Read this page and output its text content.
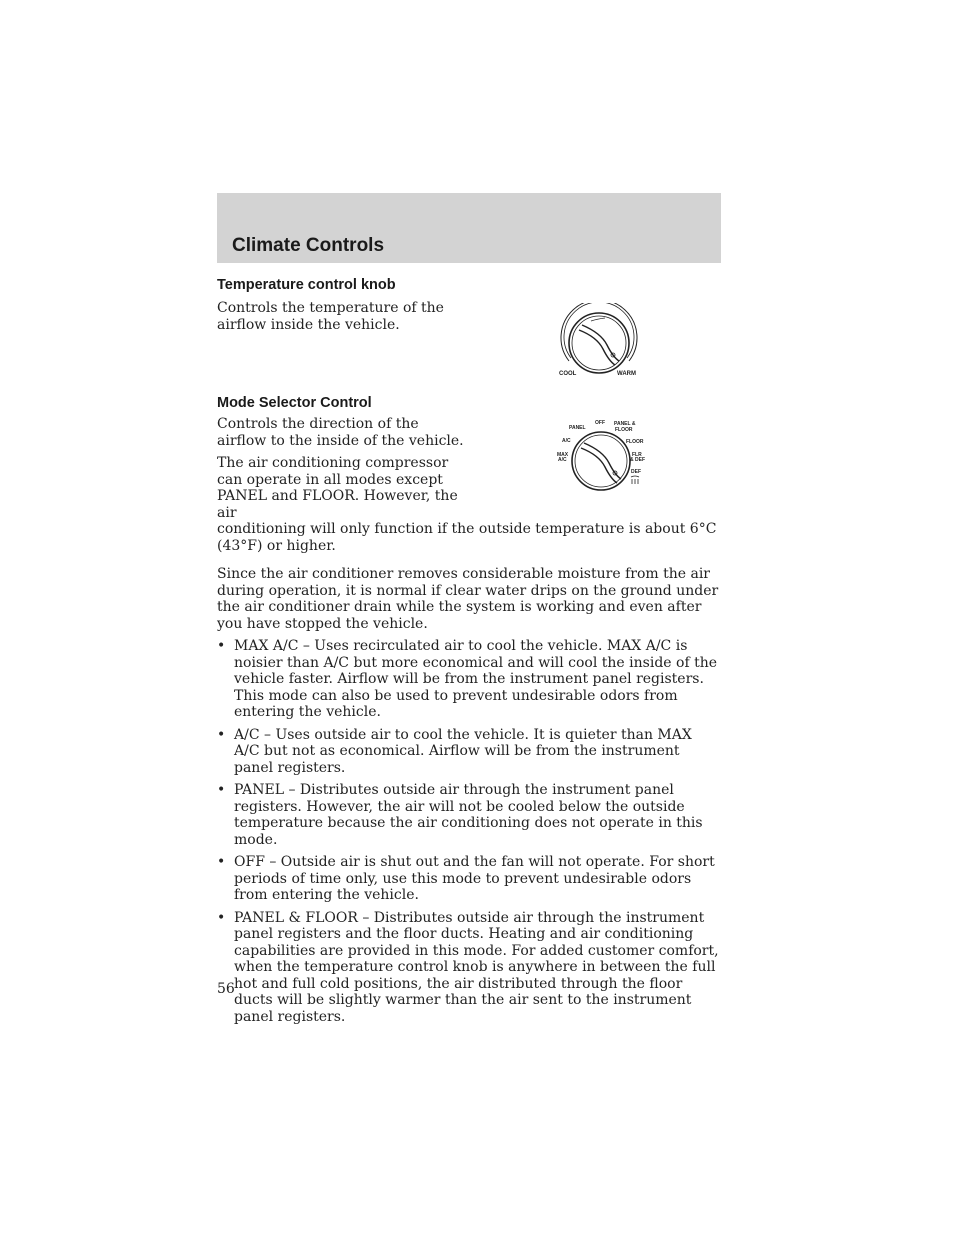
Climate Controls
Temperature control knob

Controls the temperature of the airflow inside the vehicle.

COOL	WARM
Mode Selector Control
OFF
PANEL
PANEL &
FLOOR
A/C	FLOOR
MAX
A/C
FLR
& DEF
DEF

Controls the direction of the airflow to the inside of the vehicle.

The air conditioning compressor can operate in all modes except PANEL and FLOOR. However, the air

conditioning will only function if the outside temperature is about 6°C (43°F) or higher.

Since the air conditioner removes considerable moisture from the air during operation, it is normal if clear water drips on the ground under the air conditioner drain while the system is working and even after you have stopped the vehicle.

• MAX A/C – Uses recirculated air to cool the vehicle. MAX A/C is noisier than A/C but more economical and will cool the inside of the vehicle faster. Airflow will be from the instrument panel registers. This mode can also be used to prevent undesirable odors from entering the vehicle.
• A/C – Uses outside air to cool the vehicle. It is quieter than MAX A/C but not as economical. Airflow will be from the instrument panel registers.
• PANEL – Distributes outside air through the instrument panel registers. However, the air will not be cooled below the outside temperature because the air conditioning does not operate in this mode.
• OFF – Outside air is shut out and the fan will not operate. For short periods of time only, use this mode to prevent undesirable odors from entering the vehicle.
• PANEL & FLOOR – Distributes outside air through the instrument panel registers and the floor ducts. Heating and air conditioning capabilities are provided in this mode. For added customer comfort, when the temperature control knob is anywhere in between the full hot and full cold positions, the air distributed through the floor ducts will be slightly warmer than the air sent to the instrument panel registers.
56
